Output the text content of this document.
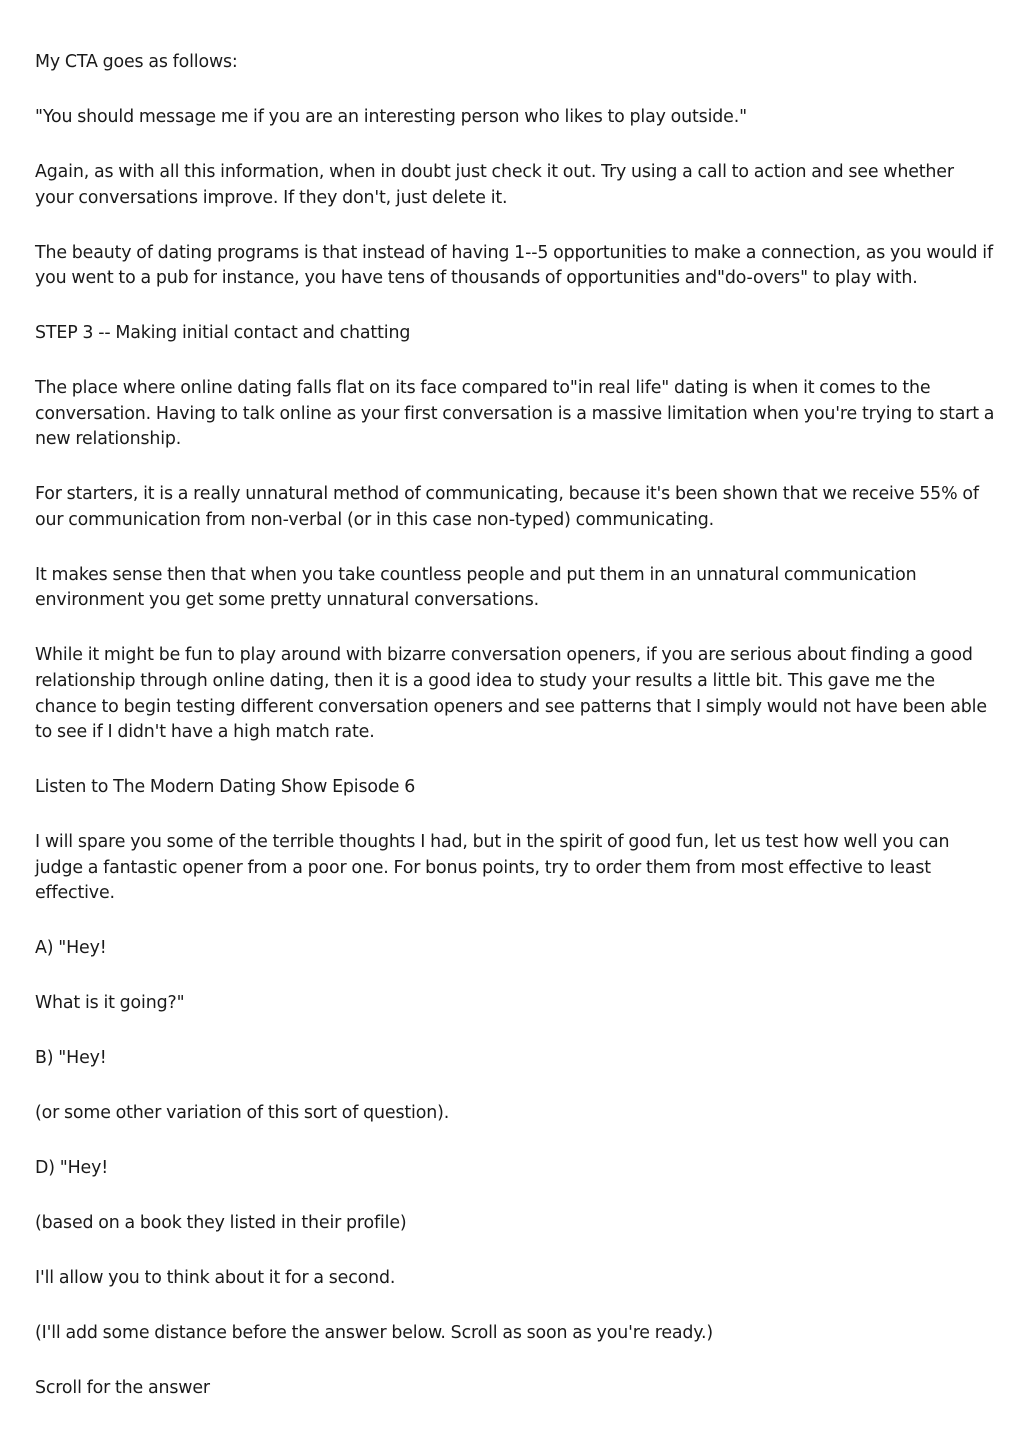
My CTA goes as follows:

"You should message me if you are an interesting person who likes to play outside."

Again, as with all this information, when in doubt just check it out. Try using a call to action and see whether your conversations improve. If they don't, just delete it.

The beauty of dating programs is that instead of having 1--5 opportunities to make a connection, as you would if you went to a pub for instance, you have tens of thousands of opportunities and"do-overs" to play with.

STEP 3 -- Making initial contact and chatting

The place where online dating falls flat on its face compared to"in real life" dating is when it comes to the conversation. Having to talk online as your first conversation is a massive limitation when you're trying to start a new relationship.

For starters, it is a really unnatural method of communicating, because it's been shown that we receive 55% of our communication from non-verbal (or in this case non-typed) communicating.

It makes sense then that when you take countless people and put them in an unnatural communication environment you get some pretty unnatural conversations.

While it might be fun to play around with bizarre conversation openers, if you are serious about finding a good relationship through online dating, then it is a good idea to study your results a little bit. This gave me the chance to begin testing different conversation openers and see patterns that I simply would not have been able to see if I didn't have a high match rate.

Listen to The Modern Dating Show Episode 6

I will spare you some of the terrible thoughts I had, but in the spirit of good fun, let us test how well you can judge a fantastic opener from a poor one. For bonus points, try to order them from most effective to least effective.

A) "Hey!

What is it going?"

B) "Hey!

(or some other variation of this sort of question).

D) "Hey!

(based on a book they listed in their profile)

I'll allow you to think about it for a second.

(I'll add some distance before the answer below. Scroll as soon as you're ready.)

Scroll for the answer
